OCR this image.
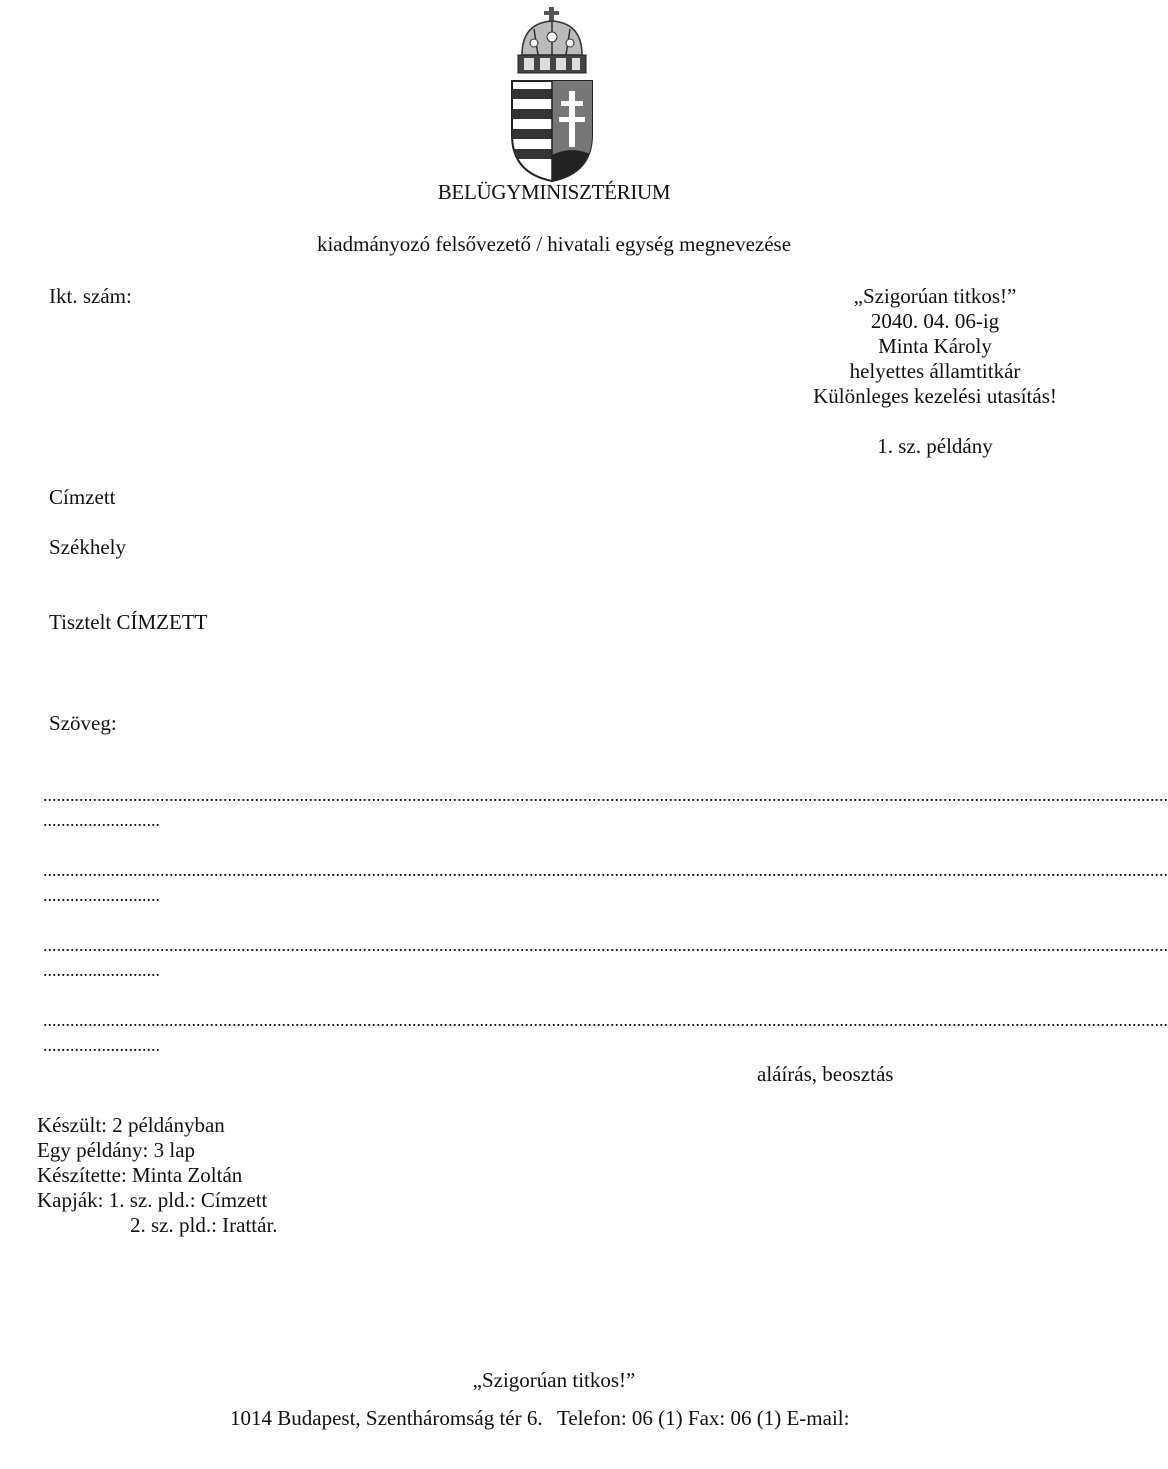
BELÜGYMINISZTÉRIUM
kiadmányozó felsővezető / hivatali egység megnevezése
Ikt. szám:	„Szigorúan titkos!”
2040. 04. 06-ig
Minta Károly
helyettes államtitkár
Különleges kezelési utasítás!
1. sz. példány
Címzett
Székhely
Tisztelt CÍMZETT
Szöveg:
..........................................................................................................................................................................................................................................................
..........................
..........................................................................................................................................................................................................................................................
..........................
..........................................................................................................................................................................................................................................................
..........................
..........................................................................................................................................................................................................................................................
..........................
aláírás, beosztás
Készült: 2 példányban
Egy példány: 3 lap
Készítette: Minta Zoltán
Kapják: 1. sz. pld.: Címzett
2. sz. pld.: Irattár.
„Szigorúan titkos!”
1014 Budapest, Szentháromság tér 6. Telefon: 06 (1) Fax: 06 (1) E-mail:
